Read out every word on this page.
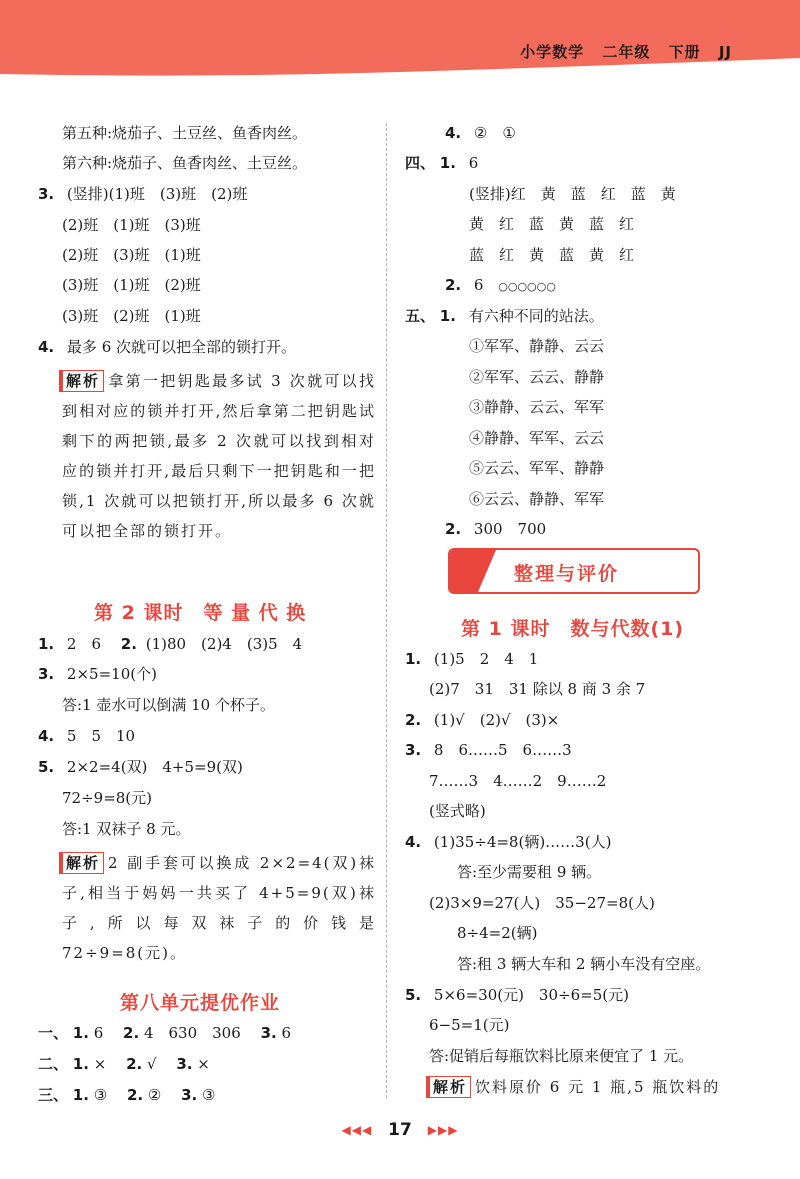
小学数学 二年级 下册 JJ
第五种:烧茄子、土豆丝、鱼香肉丝。
第六种:烧茄子、鱼香肉丝、土豆丝。
3. (竖排)(1)班　(3)班　(2)班
(2)班　(1)班　(3)班
(2)班　(3)班　(1)班
(3)班　(1)班　(2)班
(3)班　(2)班　(1)班
4. 最多 6 次就可以把全部的锁打开。
解析 拿第一把钥匙最多试 3 次就可以找到相对应的锁并打开,然后拿第二把钥匙试剩下的两把锁,最多 2 次就可以找到相对应的锁并打开,最后只剩下一把钥匙和一把锁,1 次就可以把锁打开,所以最多 6 次就可以把全部的锁打开。
第 2 课时　等 量 代 换
1. 2　6　 2. (1)80　(2)4　(3)5　4
3. 2×5=10(个)
答:1 壶水可以倒满 10 个杯子。
4. 5　5　10
5. 2×2=4(双)　4+5=9(双)
72÷9=8(元)
答:1 双袜子 8 元。
解析 2 副手套可以换成 2×2=4(双)袜子,相当于妈妈一共买了 4+5=9(双)袜子,所以每双袜子的价钱是 72÷9=8(元)。
第八单元提优作业
一、 1. 6　 2. 4　630　306　 3. 6
二、 1. ×　 2. √　 3. ×
三、 1. ③　 2. ②　 3. ③
4. ②　①
四、 1. 6
(竖排)红　黄　蓝　红　蓝　黄
黄　红　蓝　黄　蓝　红
蓝　红　黄　蓝　黄　红
2. 6 ○○○○○○
五、 1. 有六种不同的站法。
①军军、静静、云云
②军军、云云、静静
③静静、云云、军军
④静静、军军、云云
⑤云云、军军、静静
⑥云云、静静、军军
2. 300　700
整理与评价
第 1 课时　数与代数(1)
1. (1)5　2　4　1
(2)7　31　31 除以 8 商 3 余 7
2. (1)√　(2)√　(3)×
3. 8　6……5　6……3
7……3　4……2　9……2
(竖式略)
4. (1)35÷4=8(辆)……3(人)
答:至少需要租 9 辆。
(2)3×9=27(人)　35−27=8(人)
8÷4=2(辆)
答:租 3 辆大车和 2 辆小车没有空座。
5. 5×6=30(元)　30÷6=5(元)
6−5=1(元)
答:促销后每瓶饮料比原来便宜了 1 元。
解析 饮料原价 6 元 1 瓶,5 瓶饮料的
◀◀◀ 17 ▶▶▶
